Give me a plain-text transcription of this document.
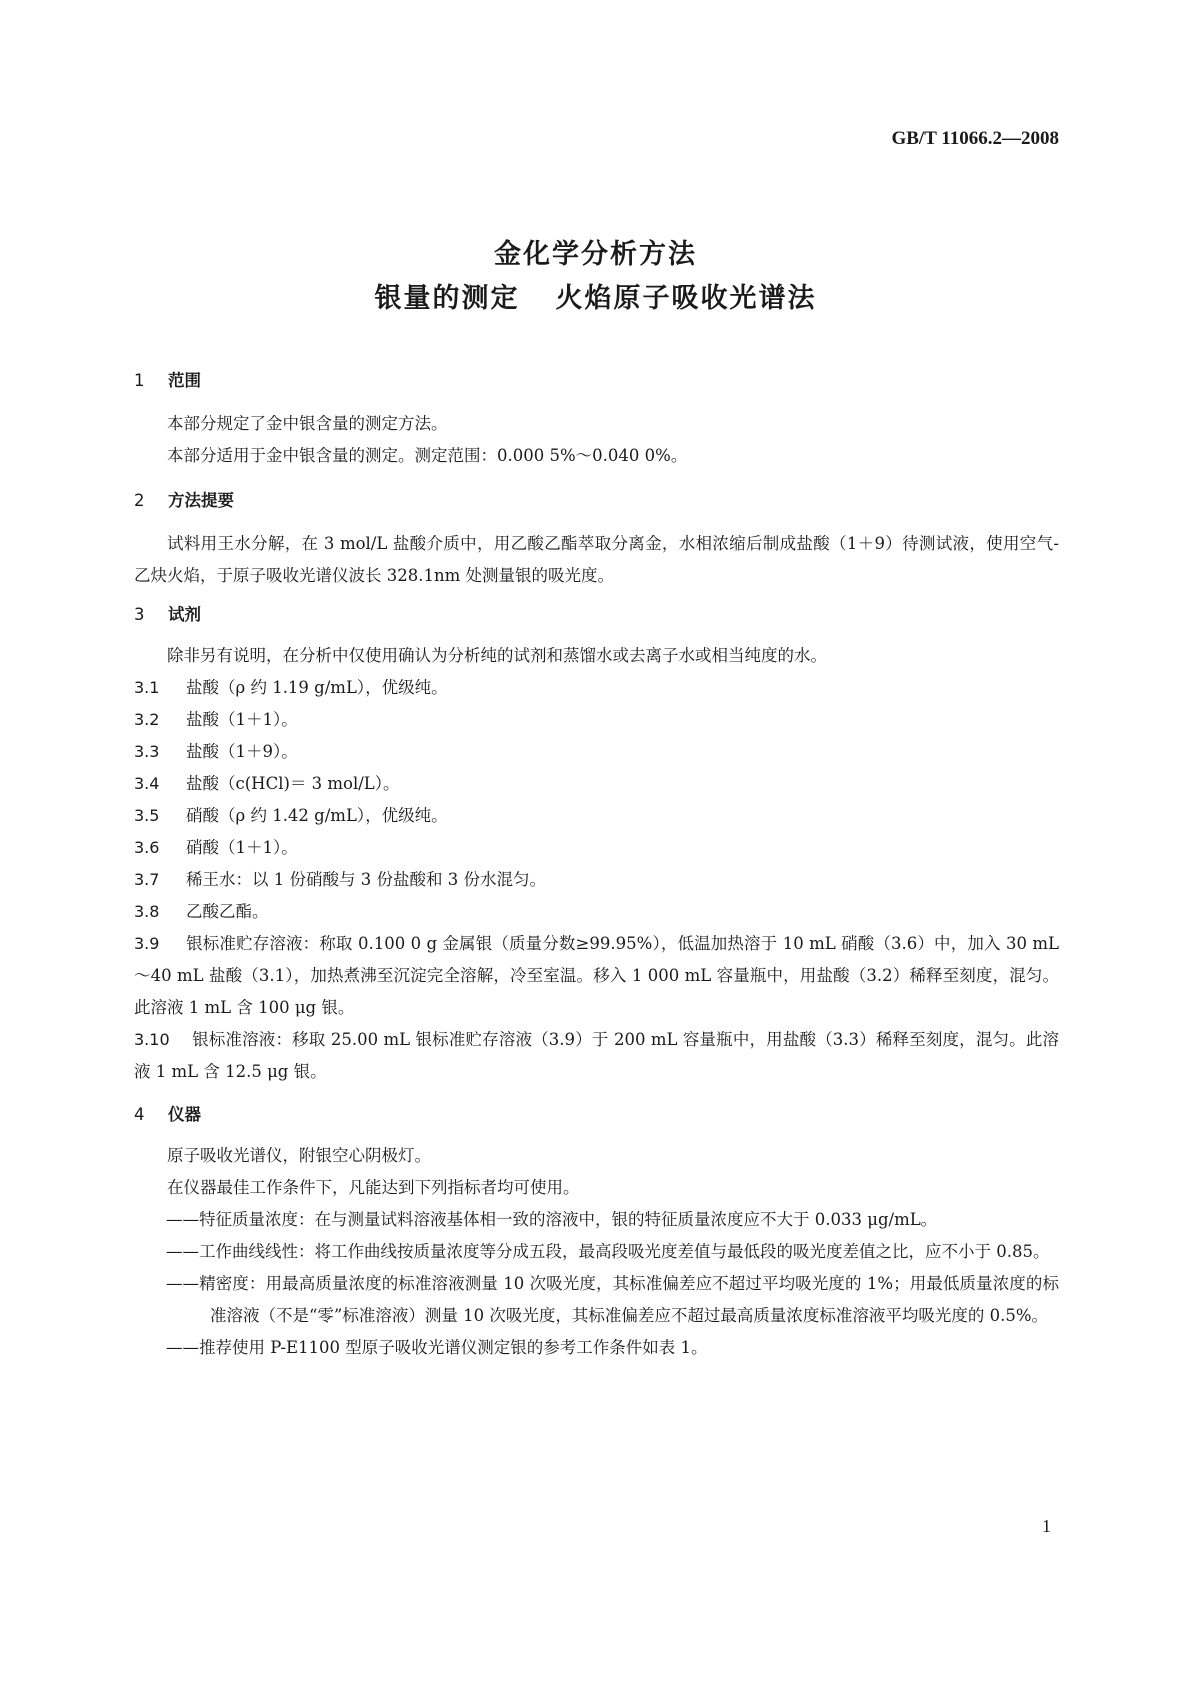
GB/T 11066.2—2008
金化学分析方法
银量的测定 火焰原子吸收光谱法
1 范围
本部分规定了金中银含量的测定方法。
本部分适用于金中银含量的测定。测定范围：0.000 5%～0.040 0%。
2 方法提要
试料用王水分解，在 3 mol/L 盐酸介质中，用乙酸乙酯萃取分离金，水相浓缩后制成盐酸（1＋9）待测试液，使用空气-乙炔火焰，于原子吸收光谱仪波长 328.1nm 处测量银的吸光度。
3 试剂
除非另有说明，在分析中仅使用确认为分析纯的试剂和蒸馏水或去离子水或相当纯度的水。
3.1 盐酸（ρ 约 1.19 g/mL），优级纯。
3.2 盐酸（1＋1）。
3.3 盐酸（1＋9）。
3.4 盐酸（c(HCl)＝ 3 mol/L）。
3.5 硝酸（ρ 约 1.42 g/mL），优级纯。
3.6 硝酸（1＋1）。
3.7 稀王水：以 1 份硝酸与 3 份盐酸和 3 份水混匀。
3.8 乙酸乙酯。
3.9 银标准贮存溶液：称取 0.100 0 g 金属银（质量分数≥99.95%），低温加热溶于 10 mL 硝酸（3.6）中，加入 30 mL～40 mL 盐酸（3.1），加热煮沸至沉淀完全溶解，冷至室温。移入 1 000 mL 容量瓶中，用盐酸（3.2）稀释至刻度，混匀。此溶液 1 mL 含 100 μg 银。
3.10 银标准溶液：移取 25.00 mL 银标准贮存溶液（3.9）于 200 mL 容量瓶中，用盐酸（3.3）稀释至刻度，混匀。此溶液 1 mL 含 12.5 μg 银。
4 仪器
原子吸收光谱仪，附银空心阴极灯。
在仪器最佳工作条件下，凡能达到下列指标者均可使用。
——特征质量浓度：在与测量试料溶液基体相一致的溶液中，银的特征质量浓度应不大于 0.033 μg/mL。
——工作曲线线性：将工作曲线按质量浓度等分成五段，最高段吸光度差值与最低段的吸光度差值之比，应不小于 0.85。
——精密度：用最高质量浓度的标准溶液测量 10 次吸光度，其标准偏差应不超过平均吸光度的 1%；用最低质量浓度的标准溶液（不是“零”标准溶液）测量 10 次吸光度，其标准偏差应不超过最高质量浓度标准溶液平均吸光度的 0.5%。
——推荐使用 P-E1100 型原子吸收光谱仪测定银的参考工作条件如表 1。
1
